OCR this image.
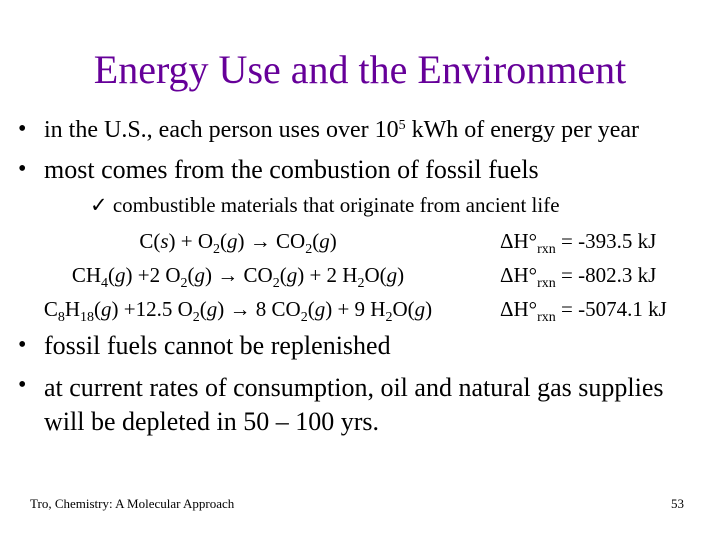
Energy Use and the Environment
• in the U.S., each person uses over $10^5$ kWh of energy per year
• most comes from the combustion of fossil fuels
✓ combustible materials that originate from ancient life
$C(s) + O_2(g) \to CO_2(g)$	$\Delta H^\circ_{rxn} = -393.5$ kJ
$CH_4(g) +2$ $O_2(g) \to CO_2(g) + 2$ $H_2O(g)$	$\Delta H^\circ_{rxn} = -802.3$ kJ
$C_8H_{18}(g) +12.5$ $O_2(g) \to 8$ $CO_2(g) + 9$ $H_2O(g)$	$\Delta H^\circ_{rxn} = -5074.1$ kJ
• fossil fuels cannot be replenished
• at current rates of consumption, oil and natural gas supplies will be depleted in 50 – 100 yrs.
Tro, Chemistry: A Molecular Approach	53
